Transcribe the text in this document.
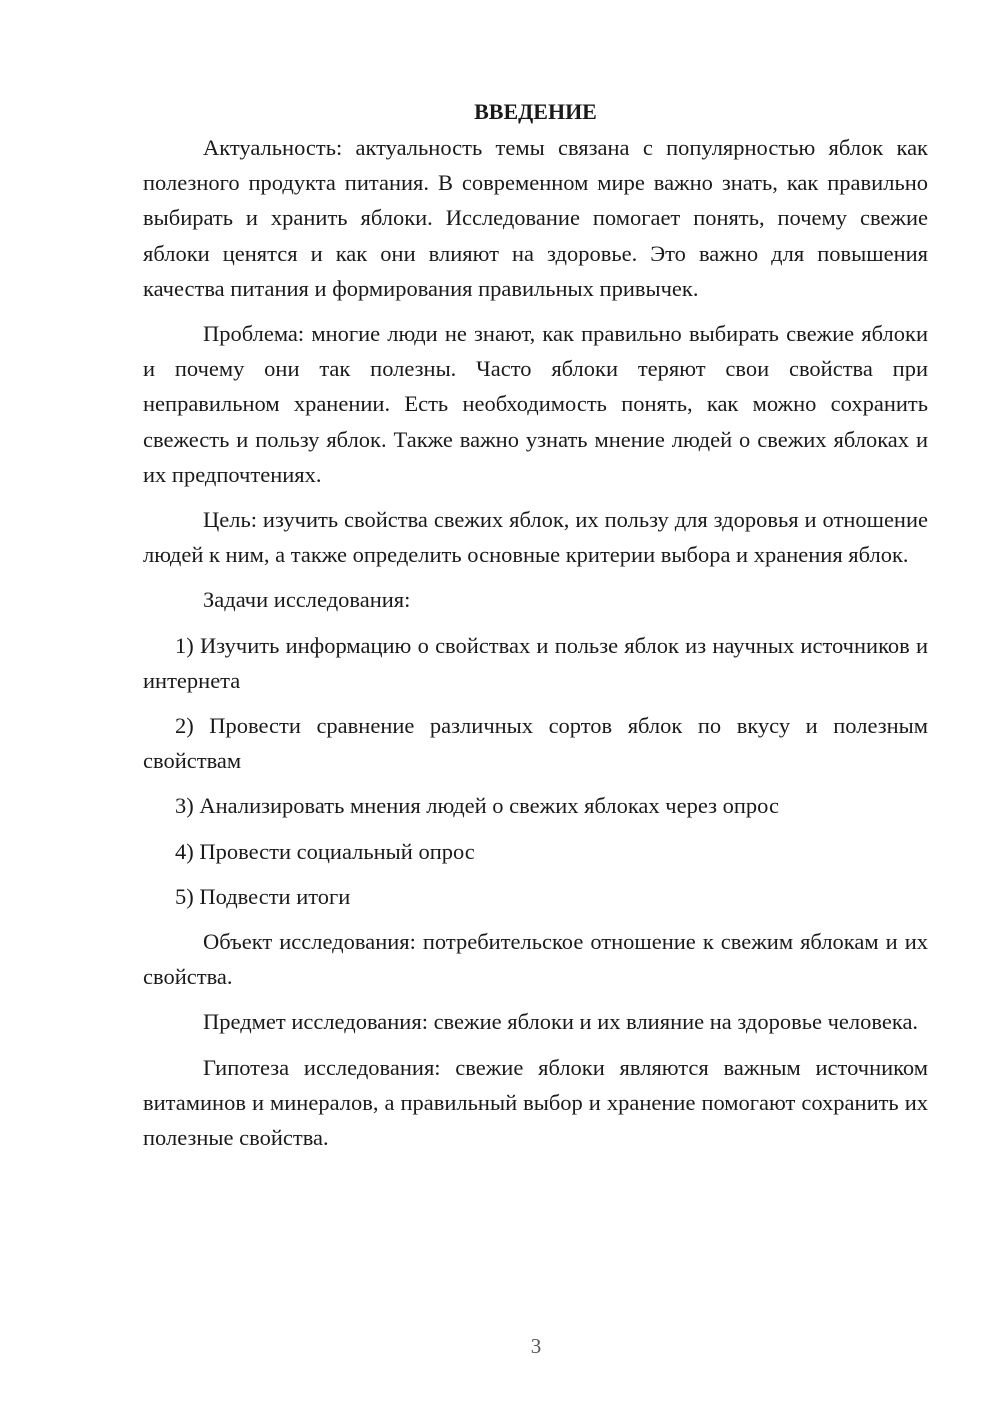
ВВЕДЕНИЕ

Актуальность: актуальность темы связана с популярностью яблок как полезного продукта питания. В современном мире важно знать, как правильно выбирать и хранить яблоки. Исследование помогает понять, почему свежие яблоки ценятся и как они влияют на здоровье. Это важно для повышения качества питания и формирования правильных привычек.

Проблема: многие люди не знают, как правильно выбирать свежие яблоки и почему они так полезны. Часто яблоки теряют свои свойства при неправильном хранении. Есть необходимость понять, как можно сохранить свежесть и пользу яблок. Также важно узнать мнение людей о свежих яблоках и их предпочтениях.

Цель: изучить свойства свежих яблок, их пользу для здоровья и отношение людей к ним, а также определить основные критерии выбора и хранения яблок.

Задачи исследования:

1) Изучить информацию о свойствах и пользе яблок из научных источников и интернета

2) Провести сравнение различных сортов яблок по вкусу и полезным свойствам

3) Анализировать мнения людей о свежих яблоках через опрос

4) Провести социальный опрос

5) Подвести итоги

Объект исследования: потребительское отношение к свежим яблокам и их свойства.

Предмет исследования: свежие яблоки и их влияние на здоровье человека.

Гипотеза исследования: свежие яблоки являются важным источником витаминов и минералов, а правильный выбор и хранение помогают сохранить их полезные свойства.

3
